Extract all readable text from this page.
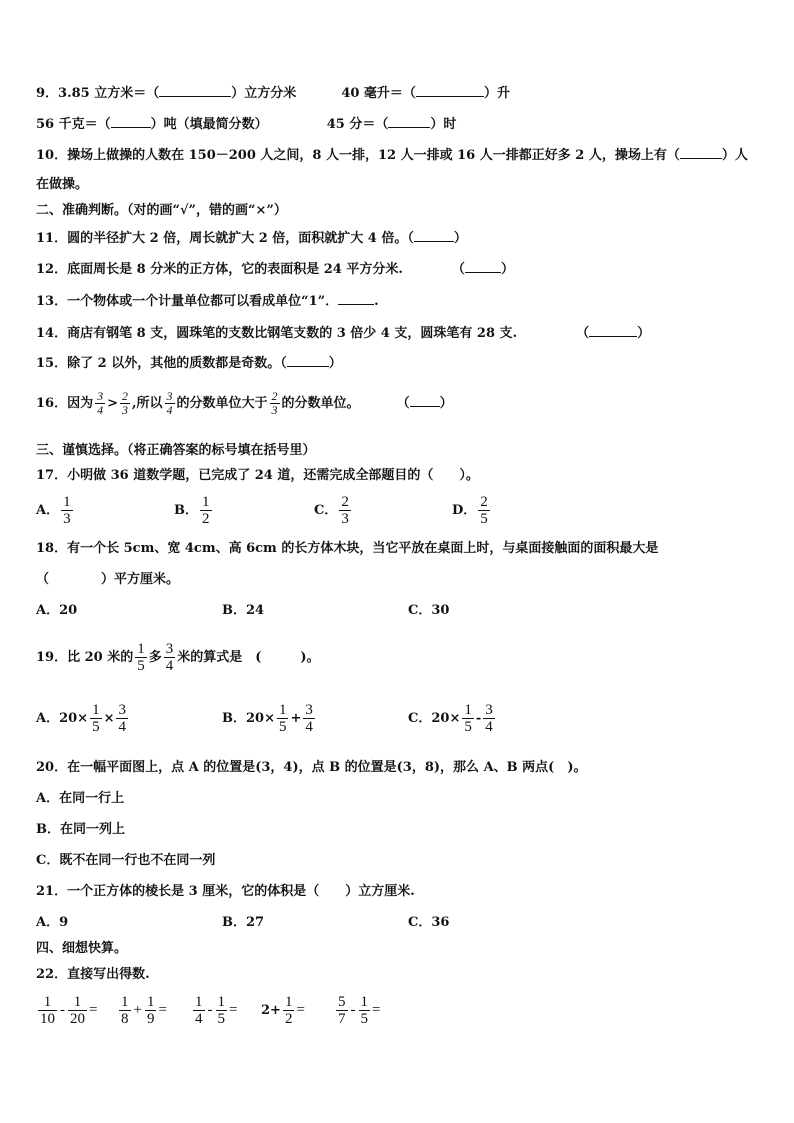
9．3.85 立方米＝（	）立方分米	40 毫升＝（	）升
56 千克＝（	）吨（填最简分数）	45 分＝（	）时
10．操场上做操的人数在 150－200 人之间，8 人一排，12 人一排或 16 人一排都正好多 2 人，操场上有（	）人
在做操。
二、准确判断。（对的画“√”，错的画“×”）
11．圆的半径扩大 2 倍，周长就扩大 2 倍，面积就扩大 4 倍。（	）
12．底面周长是 8 分米的正方体，它的表面积是 24 平方分米.	（	）
13．一个物体或一个计量单位都可以看成单位“1”．	.
14．商店有钢笔 8 支，圆珠笔的支数比钢笔支数的 3 倍少 4 支，圆珠笔有 28 支.	（	）
15．除了 2 以外，其他的质数都是奇数。（	）
16．因为 $\frac{3}{4} > \frac{2}{3}$ ,所以 $\frac{3}{4}$ 的分数单位大于 $\frac{2}{3}$ 的分数单位。	（ ）
三、谨慎选择。（将正确答案的标号填在括号里）
17．小明做 36 道数学题，已完成了 24 道，还需完成全部题目的（　　）。
A． $\frac{1}{3}$	B． $\frac{1}{2}$	C． $\frac{2}{3}$	D． $\frac{2}{5}$
18．有一个长 5cm、宽 4cm、高 6cm 的长方体木块，当它平放在桌面上时，与桌面接触面的面积最大是
（　　　　）平方厘米。
A．20	B．24	C．30
19．比 20 米的 $\frac{1}{5}$ 多 $\frac{3}{4}$ 米的算式是　(　　　)。
A． $20\times \frac{1}{5} \times \frac{3}{4}$	B． $20\times \frac{1}{5} + \frac{3}{4}$	C． $20\times \frac{1}{5} - \frac{3}{4}$
20．在一幅平面图上，点 A 的位置是(3，4)，点 B 的位置是(3，8)，那么 A、B 两点(　)。
A．在同一行上
B．在同一列上
C．既不在同一行也不在同一列
21．一个正方体的棱长是 3 厘米，它的体积是（　　）立方厘米.
A．9	B．27	C．36
四、细想快算。
22．直接写出得数.
$\frac{1}{10} - \frac{1}{20} = \frac{1}{8} + \frac{1}{9} = \frac{1}{4} - \frac{1}{5} = 2+ \frac{1}{2} = \frac{5}{7} - \frac{1}{5}$ =
